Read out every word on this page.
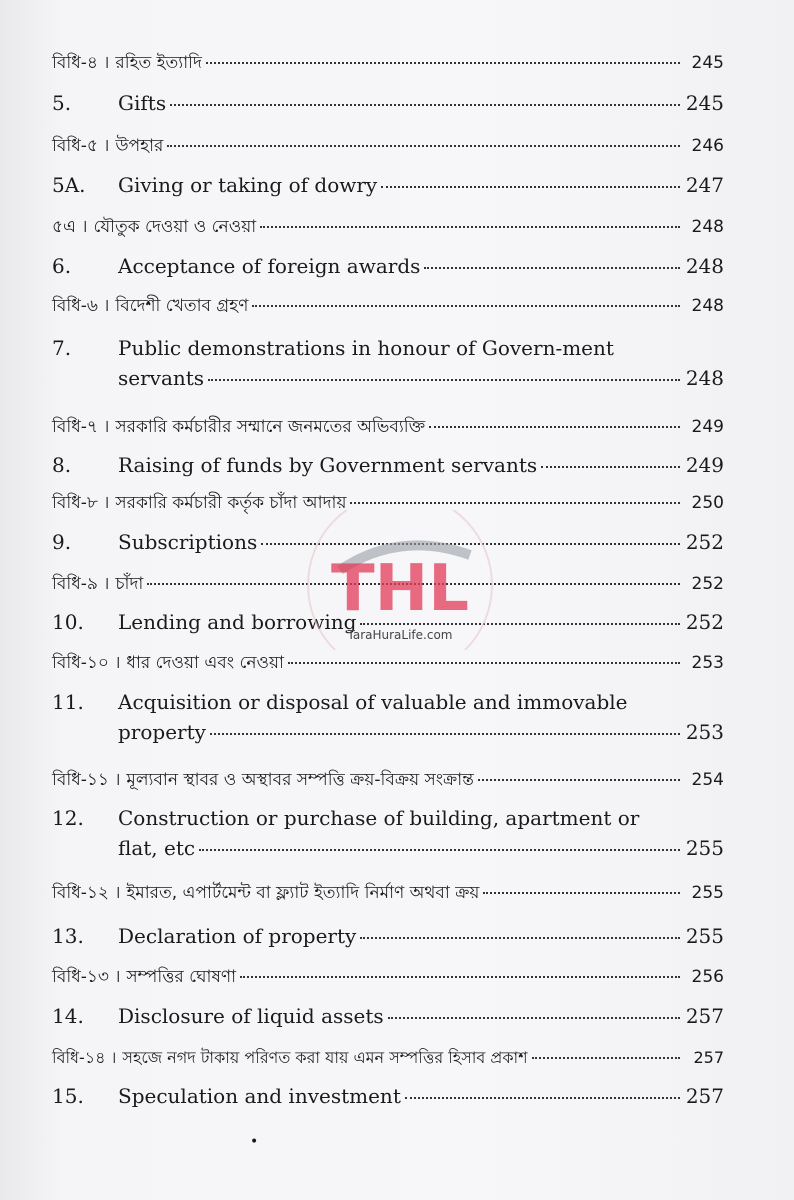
বিধি-৪ । রহিত ইত্যাদি	245
5.	Gifts	245
বিধি-৫ । উপহার	246
5A.	Giving or taking of dowry	247
৫এ । যৌতুক দেওয়া ও নেওয়া	248
6.	Acceptance of foreign awards	248
বিধি-৬ । বিদেশী খেতাব গ্রহণ	248
7.	Public demonstrations in honour of Govern-ment
servants	248
বিধি-৭ । সরকারি কর্মচারীর সম্মানে জনমতের অভিব্যক্তি	249
8.	Raising of funds by Government servants	249
বিধি-৮ । সরকারি কর্মচারী কর্তৃক চাঁদা আদায়	250
9.	Subscriptions	252
বিধি-৯ । চাঁদা	252
10.	Lending and borrowing	252
বিধি-১০ । ধার দেওয়া এবং নেওয়া	253
11.	Acquisition or disposal of valuable and immovable
property	253
বিধি-১১ । মূল্যবান স্থাবর ও অস্থাবর সম্পত্তি ক্রয়-বিক্রয় সংক্রান্ত	254
12.	Construction or purchase of building, apartment or
flat, etc	255
বিধি-১২ । ইমারত, এপার্টমেন্ট বা ফ্ল্যাট ইত্যাদি নির্মাণ অথবা ক্রয়	255
13.	Declaration of property	255
বিধি-১৩ । সম্পত্তির ঘোষণা	256
14.	Disclosure of liquid assets	257
বিধি-১৪ । সহজে নগদ টাকায় পরিণত করা যায় এমন সম্পত্তির হিসাব প্রকাশ	257
15.	Speculation and investment	257
THL
TaraHuraLife.com
•
